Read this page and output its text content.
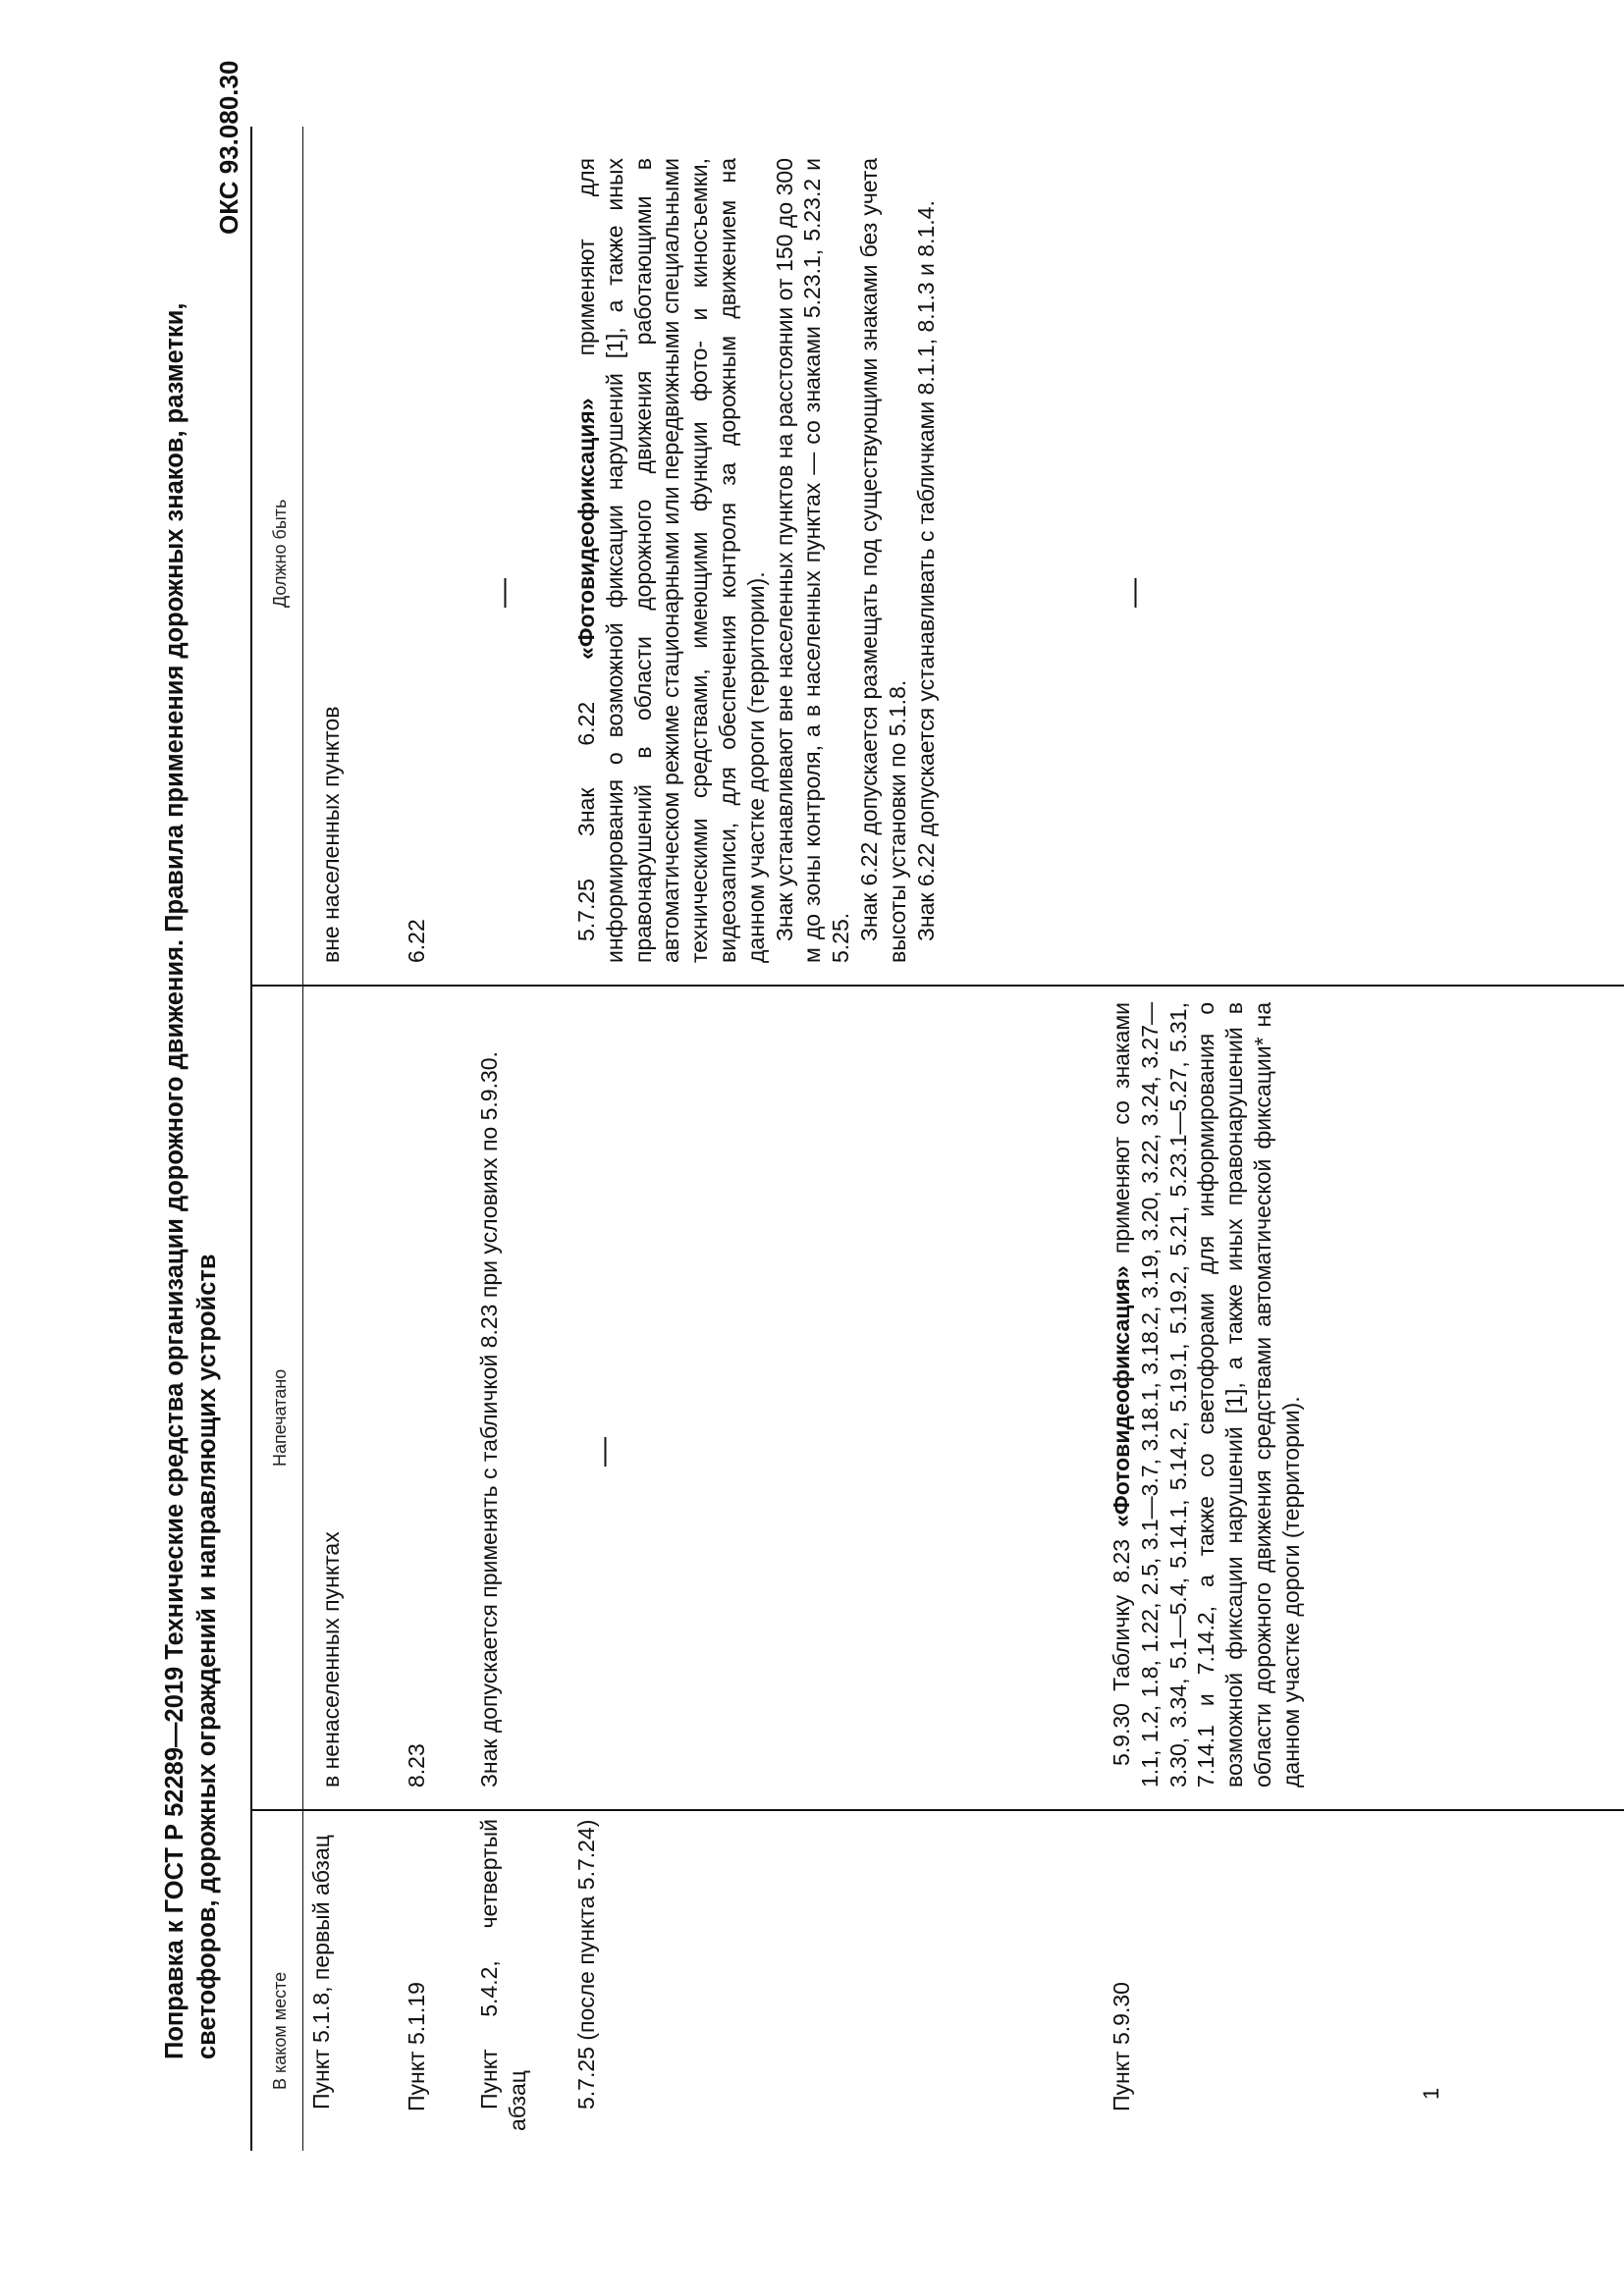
ОКС 93.080.30
Поправка к ГОСТ Р 52289—2019 Технические средства организации дорожного движения. Правила применения дорожных знаков, разметки, светофоров, дорожных ограждений и направляющих устройств	В каком месте
Напечатано
Должно быть
Пункт 5.1.8, первый абзац
в ненаселенных пунктах
вне населенных пунктов
Пункт 5.1.19
8.23
6.22
Пункт 5.4.2, четвертый абзац
Знак допускается применять с табличкой 8.23 при условиях по 5.9.30.
—
5.7.25 (после пункта 5.7.24)
—

5.7.25 Знак 6.22 «Фотовидеофиксация» применяют для информирования о возможной фиксации нарушений [1], а также иных правонарушений в области дорожного движения работающими в автоматическом режиме стационарными или передвижными специальными техническими средствами, имеющими функции фото- и киносъемки, видеозаписи, для обеспечения контроля за дорожным движением на данном участке дороги (территории). Знак устанавливают вне населенных пунктов на расстоянии от 150 до 300 м до зоны контроля, а в населенных пунктах — со знаками 5.23.1, 5.23.2 и 5.25. Знак 6.22 допускается размещать под существующими знаками без учета высоты установки по 5.1.8. Знак 6.22 допускается устанавливать с табличками 8.1.1, 8.1.3 и 8.1.4.

Пункт 5.9.30

5.9.30 Табличку 8.23 «Фотовидеофиксация» применяют со знаками 1.1, 1.2, 1.8, 1.22, 2.5, 3.1—3.7, 3.18.1, 3.18.2, 3.19, 3.20, 3.22, 3.24, 3.27—3.30, 3.34, 5.1—5.4, 5.14.1, 5.14.2, 5.19.1, 5.19.2, 5.21, 5.23.1—5.27, 5.31, 7.14.1 и 7.14.2, а также со светофорами для информирования о возможной фиксации нарушений [1], а также иных правонарушений в области дорожного движения средствами автоматической фиксации* на данном участке дороги (территории).

—
1
